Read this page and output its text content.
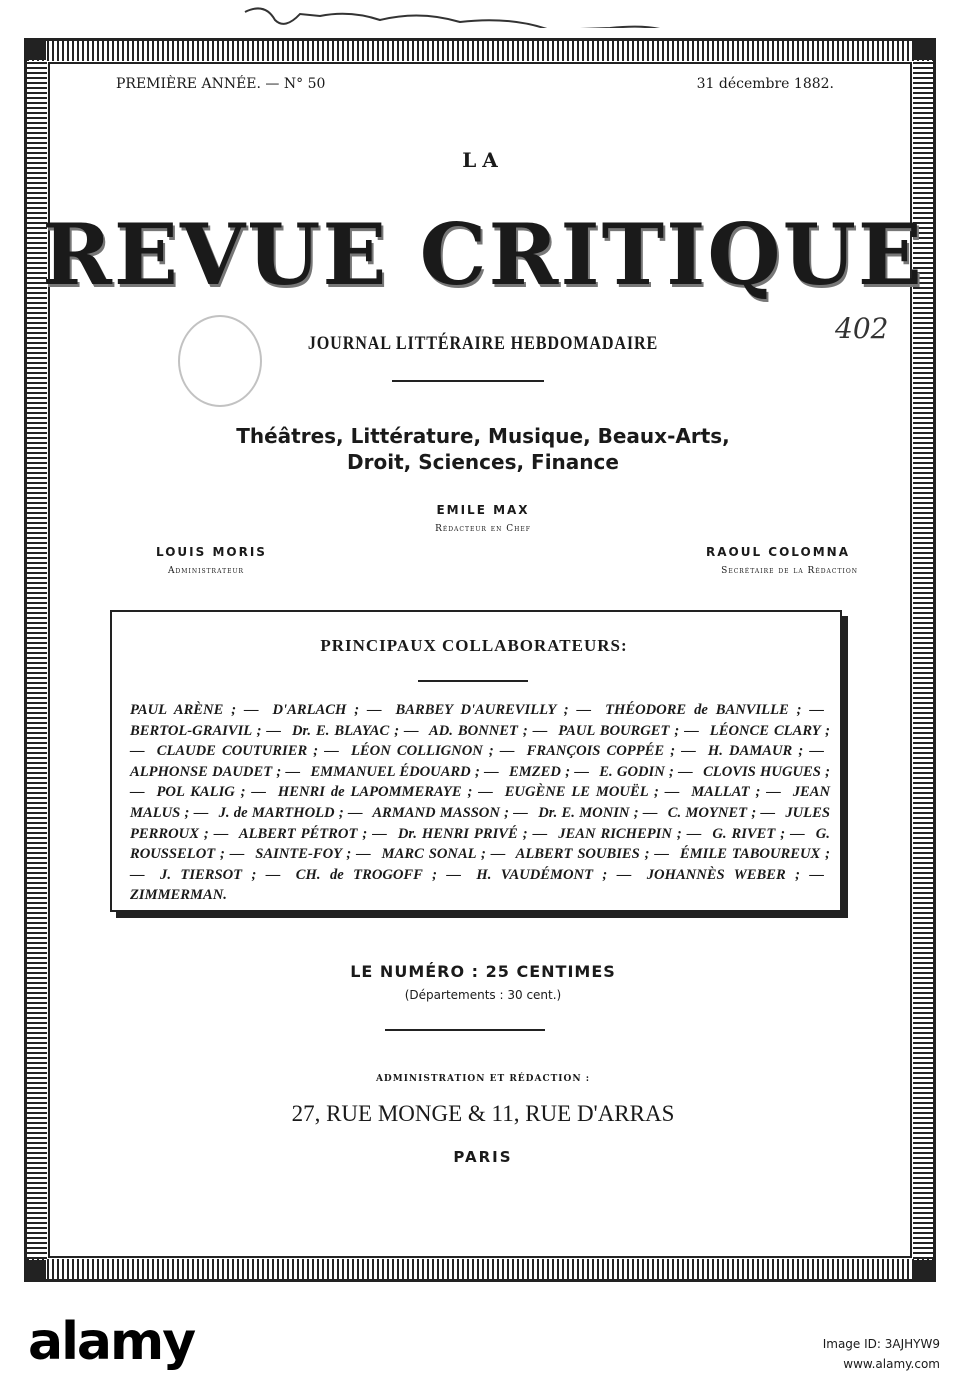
PREMIÈRE ANNÉE. — N° 50	31 décembre 1882.
LA
REVUE CRITIQUE
JOURNAL LITTÉRAIRE HEBDOMADAIRE	402
Théâtres, Littérature, Musique, Beaux-Arts,
Droit, Sciences, Finance
EMILE MAX
Rédacteur en Chef
LOUIS MORIS
Administrateur
RAOUL COLOMNA
Secrétaire de la Rédaction
PRINCIPAUX COLLABORATEURS:
PAUL ARÈNE ; — D'ARLACH ; — BARBEY D'AUREVILLY ; — THÉODORE de BANVILLE ; — BERTOL-GRAIVIL ; — Dr. E. BLAYAC ; — AD. BONNET ; — PAUL BOURGET ; — LÉONCE CLARY ; — CLAUDE COUTURIER ; — LÉON COLLIGNON ; — FRANÇOIS COPPÉE ; — H. DAMAUR ; — ALPHONSE DAUDET ; — EMMANUEL ÉDOUARD ; — EMZED ; — E. GODIN ; — CLOVIS HUGUES ; — POL KALIG ; — HENRI de LAPOMMERAYE ; — EUGÈNE LE MOUËL ; — MALLAT ; — JEAN MALUS ; — J. de MARTHOLD ; — ARMAND MASSON ; — Dr. E. MONIN ; — C. MOYNET ; — JULES PERROUX ; — ALBERT PÉTROT ; — Dr. HENRI PRIVÉ ; — JEAN RICHEPIN ; — G. RIVET ; — G. ROUSSELOT ; — SAINTE-FOY ; — MARC SONAL ; — ALBERT SOUBIES ; — ÉMILE TABOUREUX ; — J. TIERSOT ; — CH. de TROGOFF ; — H. VAUDÉMONT ; — JOHANNÈS WEBER ; — ZIMMERMAN.
LE NUMÉRO : 25 CENTIMES
(Départements : 30 cent.)
ADMINISTRATION ET RÉDACTION :
27, RUE MONGE & 11, RUE D'ARRAS
PARIS
alamy	Image ID: 3AJHYW9
www.alamy.com
